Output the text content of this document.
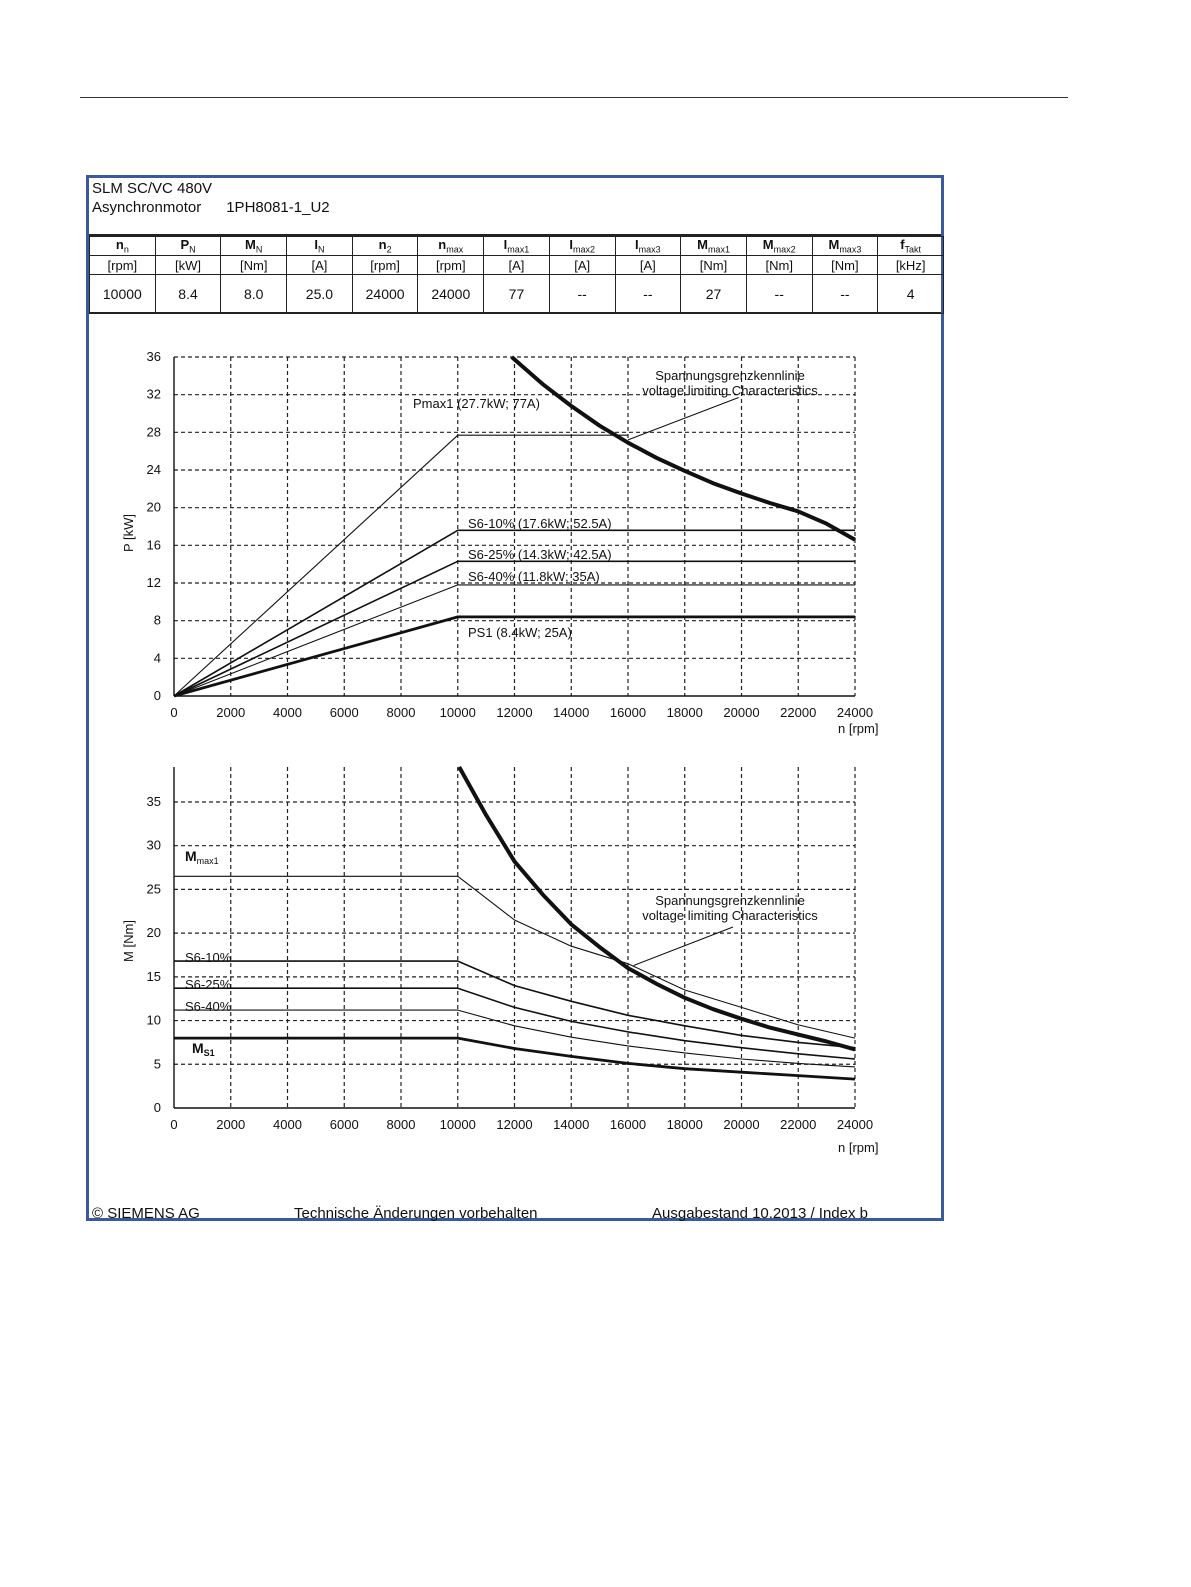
SLM SC/VC 480V
Asynchronmotor      1PH8081-1_U2
$n_n$	$P_N$	$M_N$	$I_N$	$n_2$	$n_{max}$	$I_{max1}$	$I_{max2}$	$I_{max3}$	$M_{max1}$	$M_{max2}$	$M_{max3}$	$f_{Takt}$
[rpm]	[kW]	[Nm]	[A]	[rpm]	[rpm]	[A]	[A]	[A]	[Nm]	[Nm]	[Nm]	[kHz]
10000	8.4	8.0	25.0	24000	24000	77	--	--	27	--	--	4
0	2000 4000 6000 8000 10000 12000 14000 16000 18000 20000 22000 24000
0
4
8
12
16
20
24
28
32
36
P [kW]
n [rpm]
Pmax1 (27.7kW; 77A)
S6-10% (17.6kW; 52.5A)
S6-25% (14.3kW; 42.5A)
S6-40% (11.8kW; 35A)
PS1 (8.4kW; 25A)
Spannungsgrenzkennlinie
voltage limiting Characteristics
0	2000 4000 6000 8000 10000 12000 14000 16000 18000 20000 22000 24000
0
5
10
15
20
25
30
35
M [Nm]
n [rpm]
$M_{max1}$
S6-10%
S6-25%
S6-40%
$M_{S1}$
Spannungsgrenzkennlinie
voltage limiting Characteristics
© SIEMENS AG	Technische Änderungen vorbehalten	Ausgabestand 10.2013 / Index b
